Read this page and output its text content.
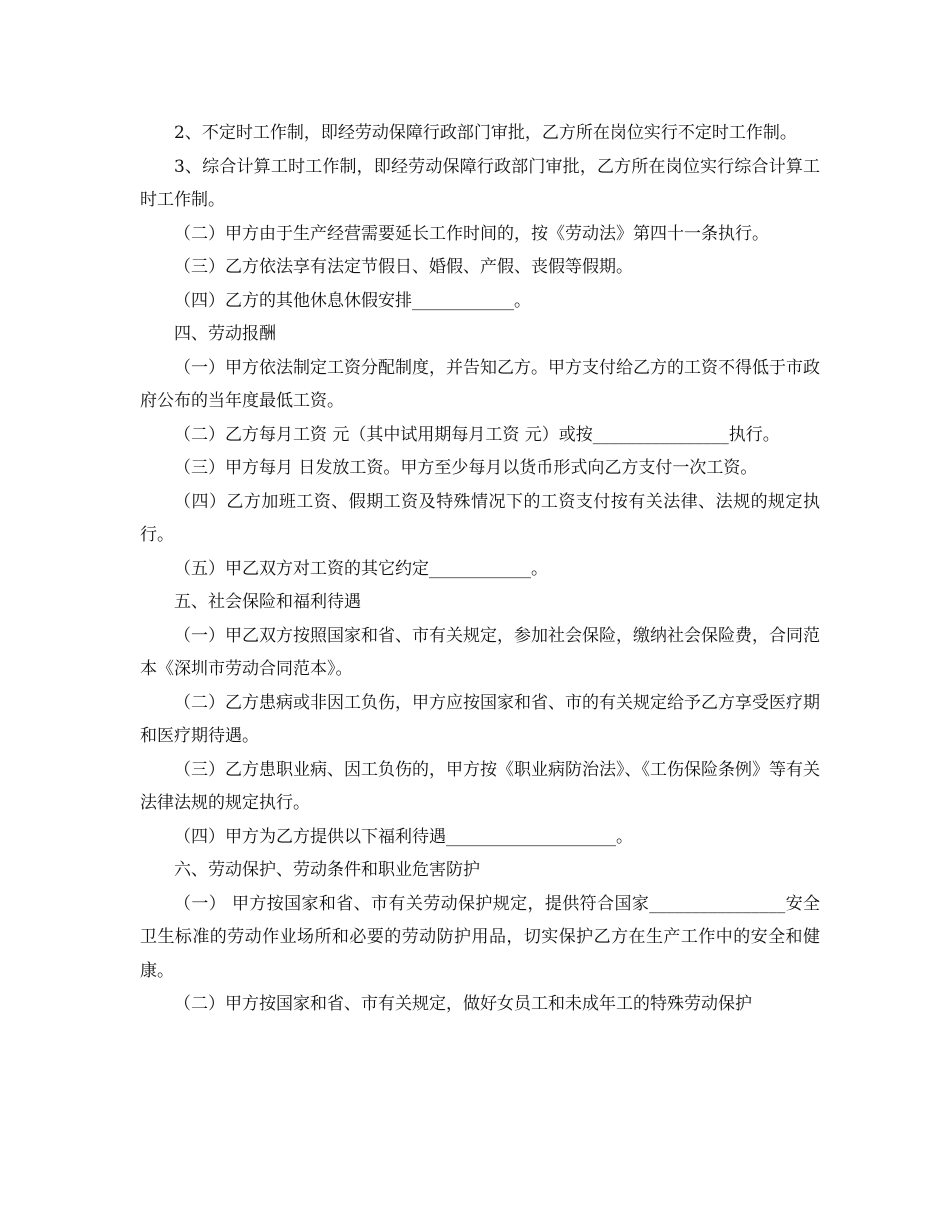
2、不定时工作制，即经劳动保障行政部门审批，乙方所在岗位实行不定时工作制。

3、综合计算工时工作制，即经劳动保障行政部门审批，乙方所在岗位实行综合计算工时工作制。

（二）甲方由于生产经营需要延长工作时间的，按《劳动法》第四十一条执行。

（三）乙方依法享有法定节假日、婚假、产假、丧假等假期。

（四）乙方的其他休息休假安排____________。

四、劳动报酬

（一）甲方依法制定工资分配制度，并告知乙方。甲方支付给乙方的工资不得低于市政府公布的当年度最低工资。

（二）乙方每月工资 元（其中试用期每月工资 元）或按________________执行。

（三）甲方每月 日发放工资。甲方至少每月以货币形式向乙方支付一次工资。

（四）乙方加班工资、假期工资及特殊情况下的工资支付按有关法律、法规的规定执行。

（五）甲乙双方对工资的其它约定____________。

五、社会保险和福利待遇

（一）甲乙双方按照国家和省、市有关规定，参加社会保险，缴纳社会保险费，合同范本《深圳市劳动合同范本》。

（二）乙方患病或非因工负伤，甲方应按国家和省、市的有关规定给予乙方享受医疗期和医疗期待遇。

（三）乙方患职业病、因工负伤的，甲方按《职业病防治法》、《工伤保险条例》等有关法律法规的规定执行。

（四）甲方为乙方提供以下福利待遇____________________。

六、劳动保护、劳动条件和职业危害防护

（一） 甲方按国家和省、市有关劳动保护规定，提供符合国家________________安全卫生标准的劳动作业场所和必要的劳动防护用品，切实保护乙方在生产工作中的安全和健康。

（二）甲方按国家和省、市有关规定，做好女员工和未成年工的特殊劳动保护
